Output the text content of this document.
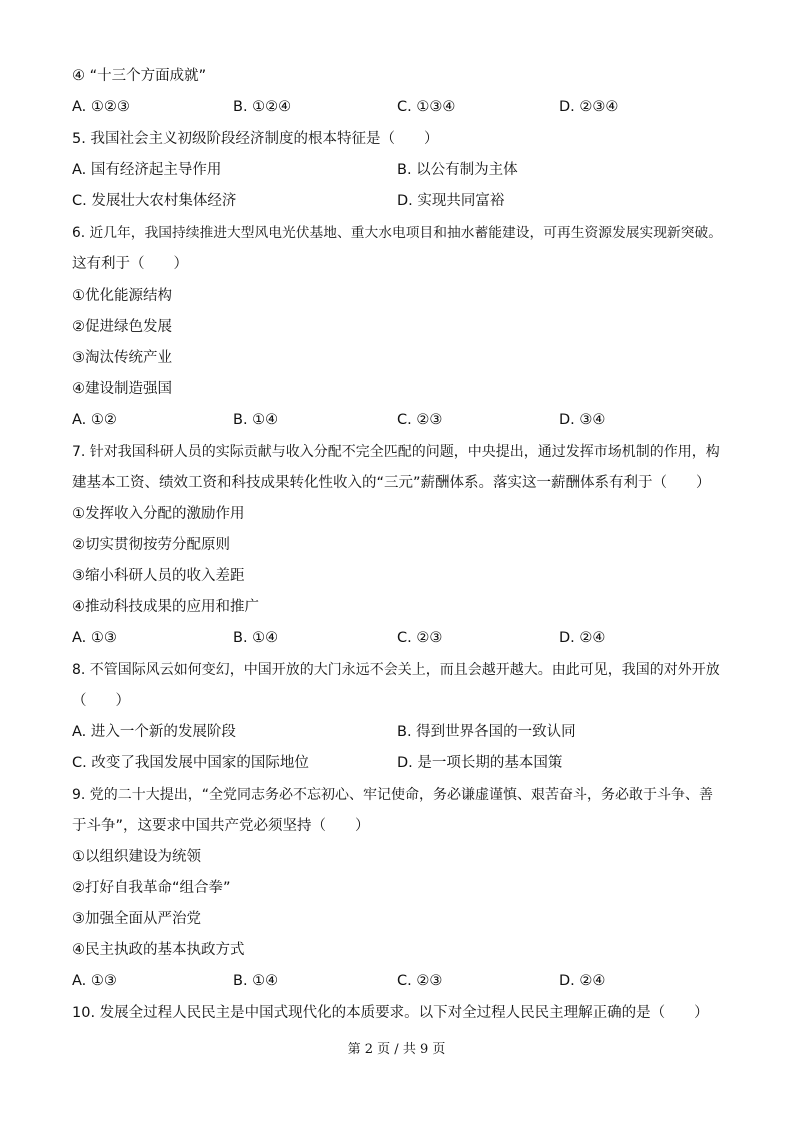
④ “十三个方面成就”
A. ①②③	B. ①②④	C. ①③④	D. ②③④
5. 我国社会主义初级阶段经济制度的根本特征是（　　）
A. 国有经济起主导作用	B. 以公有制为主体
C. 发展壮大农村集体经济	D. 实现共同富裕
6. 近几年，我国持续推进大型风电光伏基地、重大水电项目和抽水蓄能建设，可再生资源发展实现新突破。
这有利于（　　）
①优化能源结构
②促进绿色发展
③淘汰传统产业
④建设制造强国
A. ①②	B. ①④	C. ②③	D. ③④
7. 针对我国科研人员的实际贡献与收入分配不完全匹配的问题，中央提出，通过发挥市场机制的作用，构
建基本工资、绩效工资和科技成果转化性收入的“三元”薪酬体系。落实这一薪酬体系有利于（　　）
①发挥收入分配的激励作用
②切实贯彻按劳分配原则
③缩小科研人员的收入差距
④推动科技成果的应用和推广
A. ①③	B. ①④	C. ②③	D. ②④
8. 不管国际风云如何变幻，中国开放的大门永远不会关上，而且会越开越大。由此可见，我国的对外开放
（　　）
A. 进入一个新的发展阶段	B. 得到世界各国的一致认同
C. 改变了我国发展中国家的国际地位	D. 是一项长期的基本国策
9. 党的二十大提出，“全党同志务必不忘初心、牢记使命，务必谦虚谨慎、艰苦奋斗，务必敢于斗争、善
于斗争”，这要求中国共产党必须坚持（　　）
①以组织建设为统领
②打好自我革命“组合拳”
③加强全面从严治党
④民主执政的基本执政方式
A. ①③	B. ①④	C. ②③	D. ②④
10. 发展全过程人民民主是中国式现代化的本质要求。以下对全过程人民民主理解正确的是（　　）
第 2 页 / 共 9 页
